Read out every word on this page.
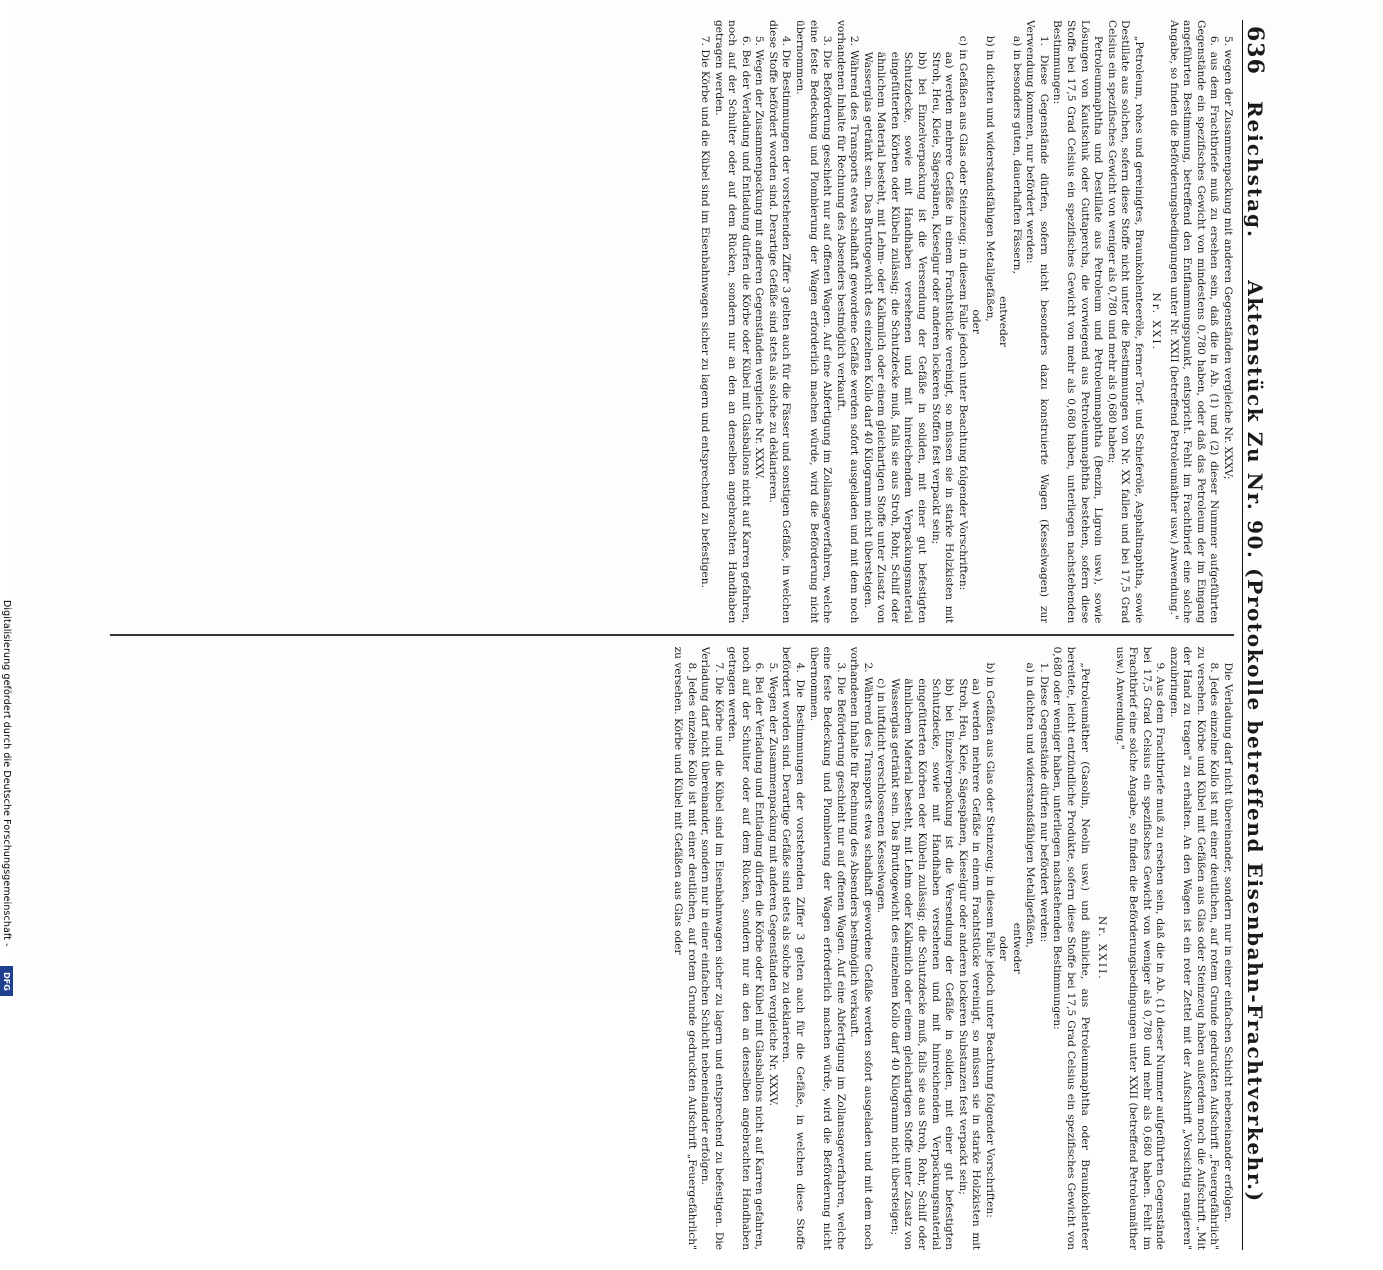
636
Reichstag.
Aktenstück Zu Nr. 90. (Protokolle betreffend Eisenbahn-Frachtverkehr.)

5. wegen der Zusammenpackung mit anderen Gegenständen vergleiche Nr. XXXV;

6. aus dem Frachtbriefe muß zu ersehen sein, daß die in Ab. (1) und (2) dieser Nummer aufgeführten Gegenstände ein spezifisches Gewicht von mindestens 0,780 haben, oder daß das Petroleum der im Eingang angeführten Bestimmung, betreffend den Entflammungspunkt, entspricht. Fehlt im Frachtbrief eine solche Angabe, so finden die Beförderungsbedingungen unter Nr. XXII (betreffend Petroleumäther usw.) Anwendung."

Nr. XXI.

„Petroleum, rohes und gereinigtes, Braunkohlenteeröle, ferner Torf- und Schieferöle, Asphaltnaphtha, sowie Destillate aus solchen, sofern diese Stoffe nicht unter die Bestimmungen von Nr. XX fallen und bei 17,5 Grad Celsius ein spezifisches Gewicht von weniger als 0,780 und mehr als 0,680 haben;

Petroleumnaphtha und Destillate aus Petroleum und Petroleumnaphtha (Benzin, Ligroin usw.), sowie Lösungen von Kautschuk oder Guttapercha, die vorwiegend aus Petroleumnaphtha bestehen, sofern diese Stoffe bei 17,5 Grad Celsius ein spezifisches Gewicht von mehr als 0,680 haben, unterliegen nachstehenden Bestimmungen:

1. Diese Gegenstände dürfen, sofern nicht besonders dazu konstruierte Wagen (Kesselwagen) zur Verwendung kommen, nur befördert werden:

a) in besonders guten, dauerhaften Fässern,

entweder

b) in dichten und widerstandsfähigen Metallgefäßen,

oder

c) in Gefäßen aus Glas oder Steinzeug; in diesem Falle jedoch unter Beachtung folgender Vorschriften:

aa) werden mehrere Gefäße in einem Frachtstücke vereinigt, so müssen sie in starke Holzkisten mit Stroh, Heu, Kleie, Sägespänen, Kieselgur oder anderen lockeren Stoffen fest verpackt sein;

bb) bei Einzelverpackung ist die Versendung der Gefäße in soliden, mit einer gut befestigten Schutzdecke, sowie mit Handhaben versehenen und mit hinreichendem Verpackungsmaterial eingefütterten Körben oder Kübeln zulässig; die Schutzdecke muß, falls sie aus Stroh, Rohr, Schilf oder ähnlichem Material besteht, mit Lehm- oder Kalkmilch oder einem gleichartigen Stoffe unter Zusatz von Wasserglas getränkt sein. Das Bruttogewicht des einzelnen Kollo darf 40 Kilogramm nicht übersteigen.

2. Während des Transports etwa schadhaft gewordene Gefäße werden sofort ausgeladen und mit dem noch vorhandenen Inhalte für Rechnung des Absenders bestmöglich verkauft.

3. Die Beförderung geschieht nur auf offenen Wagen. Auf eine Abfertigung im Zollansageverfahren, welche eine feste Bedeckung und Plombierung der Wagen erforderlich machen würde, wird die Beförderung nicht übernommen.

4. Die Bestimmungen der vorstehenden Ziffer 3 gelten auch für die Fässer und sonstigen Gefäße, in welchen diese Stoffe befördert worden sind. Derartige Gefäße sind stets als solche zu deklarieren.

5. Wegen der Zusammenpackung mit anderen Gegenständen vergleiche Nr. XXXV.

6. Bei der Verladung und Entladung dürfen die Körbe oder Kübel mit Glasballons nicht auf Karren gefahren, noch auf der Schulter oder auf dem Rücken, sondern nur an den an denselben angebrachten Handhaben getragen werden.

7. Die Körbe und die Kübel sind im Eisenbahnwagen sicher zu lagern und entsprechend zu befestigen.

Die Verladung darf nicht übereinander, sondern nur in einer einfachen Schicht nebeneinander erfolgen.

8. Jedes einzelne Kollo ist mit einer deutlichen, auf rotem Grunde gedruckten Aufschrift „Feuergefährlich" zu versehen. Körbe und Kübel mit Gefäßen aus Glas oder Steinzeug haben außerdem noch die Aufschrift „Mit der Hand zu tragen" zu erhalten. An den Wagen ist ein roter Zettel mit der Aufschrift „Vorsichtig rangieren" anzubringen.

9. Aus dem Frachtbriefe muß zu ersehen sein, daß die in Ab. (1) dieser Nummer aufgeführten Gegenstände bei 17,5 Grad Celsius ein spezifisches Gewicht von weniger als 0,780 und mehr als 0,680 haben. Fehlt im Frachtbrief eine solche Angabe, so finden die Beförderungsbedingungen unter XXII (betreffend Petroleumäther usw.) Anwendung."

Nr. XXII.

„Petroleumäther (Gasolin, Neolin usw.) und ähnliche, aus Petroleumnaphtha oder Braunkohlenteer bereitete, leicht entzündliche Produkte, sofern diese Stoffe bei 17,5 Grad Celsius ein spezifisches Gewicht von 0,680 oder weniger haben, unterliegen nachstehenden Bestimmungen:

1. Diese Gegenstände dürfen nur befördert werden:

a) in dichten und widerstandsfähigen Metallgefäßen,

entweder

oder

b) in Gefäßen aus Glas oder Steinzeug; in diesem Falle jedoch unter Beachtung folgender Vorschriften:

aa) werden mehrere Gefäße in einem Frachtstücke vereinigt, so müssen sie in starke Holzkisten mit Stroh, Heu, Kleie, Sägespänen, Kieselgur oder anderen lockeren Substanzen fest verpackt sein;

bb) bei Einzelverpackung ist die Versendung der Gefäße in soliden, mit einer gut befestigten Schutzdecke, sowie mit Handhaben versehenen und mit hinreichendem Verpackungsmaterial eingefütterten Körben oder Kübeln zulässig; die Schutzdecke muß, falls sie aus Stroh, Rohr, Schilf oder ähnlichem Material besteht, mit Lehm oder Kalkmilch oder einem gleichartigen Stoffe unter Zusatz von Wasserglas getränkt sein. Das Bruttogewicht des einzelnen Kollo darf 40 Kilogramm nicht übersteigen;

c) in luftdicht verschlossenen Kesselwagen.

2. Während des Transports etwa schadhaft gewordene Gefäße werden sofort ausgeladen und mit dem noch vorhandenen Inhalte für Rechnung des Absenders bestmöglich verkauft.

3. Die Beförderung geschieht nur auf offenen Wagen. Auf eine Abfertigung im Zollansageverfahren, welche eine feste Bedeckung und Plombierung der Wagen erforderlich machen würde, wird die Beförderung nicht übernommen.

4. Die Bestimmungen der vorstehenden Ziffer 3 gelten auch für die Gefäße, in welchen diese Stoffe befördert worden sind. Derartige Gefäße sind stets als solche zu deklarieren.

5. Wegen der Zusammenpackung mit anderen Gegenständen vergleiche Nr. XXXV.

6. Bei der Verladung und Entladung dürfen die Körbe oder Kübel mit Glasballons nicht auf Karren gefahren, noch auf der Schulter oder auf dem Rücken, sondern nur an den an denselben angebrachten Handhaben getragen werden.

7. Die Körbe und die Kübel sind im Eisenbahnwagen sicher zu lagern und entsprechend zu befestigen. Die Verladung darf nicht übereinander, sondern nur in einer einfachen Schicht nebeneinander erfolgen.

8. Jedes einzelne Kollo ist mit einer deutlichen, auf rotem Grunde gedruckten Aufschrift „Feuergefährlich" zu versehen. Körbe und Kübel mit Gefäßen aus Glas oder

Digitalisierung gefördert durch die Deutsche Forschungsgemeinschaft -
DFG
